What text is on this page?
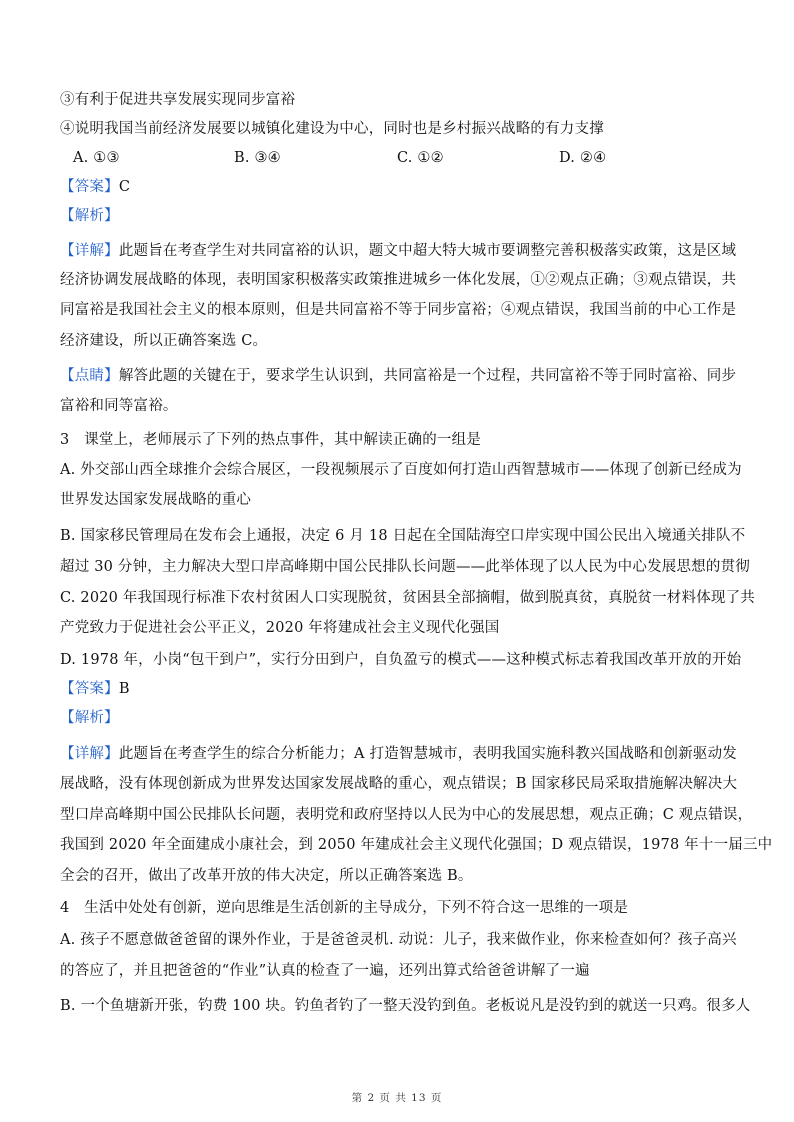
③有利于促进共享发展实现同步富裕
④说明我国当前经济发展要以城镇化建设为中心，同时也是乡村振兴战略的有力支撑
A. ①③	B. ③④	C. ①②	D. ②④
【答案】C
【解析】
【详解】此题旨在考查学生对共同富裕的认识，题文中超大特大城市要调整完善积极落实政策，这是区域
经济协调发展战略的体现，表明国家积极落实政策推进城乡一体化发展，①②观点正确；③观点错误，共
同富裕是我国社会主义的根本原则，但是共同富裕不等于同步富裕；④观点错误，我国当前的中心工作是
经济建设，所以正确答案选 C。
【点睛】解答此题的关键在于，要求学生认识到，共同富裕是一个过程，共同富裕不等于同时富裕、同步
富裕和同等富裕。
3　课堂上，老师展示了下列的热点事件，其中解读正确的一组是
A. 外交部山西全球推介会综合展区，一段视频展示了百度如何打造山西智慧城市——体现了创新已经成为
世界发达国家发展战略的重心
B. 国家移民管理局在发布会上通报，决定 6 月 18 日起在全国陆海空口岸实现中国公民出入境通关排队不
超过 30 分钟，主力解决大型口岸高峰期中国公民排队长问题——此举体现了以人民为中心发展思想的贯彻
C. 2020 年我国现行标准下农村贫困人口实现脱贫，贫困县全部摘帽，做到脱真贫，真脱贫一材料体现了共
产党致力于促进社会公平正义，2020 年将建成社会主义现代化强国
D. 1978 年，小岗“包干到户”，实行分田到户，自负盈亏的模式——这种模式标志着我国改革开放的开始
【答案】B
【解析】
【详解】此题旨在考查学生的综合分析能力；A 打造智慧城市，表明我国实施科教兴国战略和创新驱动发
展战略，没有体现创新成为世界发达国家发展战略的重心，观点错误；B 国家移民局采取措施解决解决大
型口岸高峰期中国公民排队长问题，表明党和政府坚持以人民为中心的发展思想，观点正确；C 观点错误，
我国到 2020 年全面建成小康社会，到 2050 年建成社会主义现代化强国；D 观点错误，1978 年十一届三中
全会的召开，做出了改革开放的伟大决定，所以正确答案选 B。
4　生活中处处有创新，逆向思维是生活创新的主导成分，下列不符合这一思维的一项是
A. 孩子不愿意做爸爸留的课外作业，于是爸爸灵机. 动说：儿子，我来做作业，你来检查如何？孩子高兴
的答应了，并且把爸爸的“作业”认真的检查了一遍，还列出算式给爸爸讲解了一遍
B. 一个鱼塘新开张，钓费 100 块。钓鱼者钓了一整天没钓到鱼。老板说凡是没钓到的就送一只鸡。很多人
第 2 页 共 13 页
